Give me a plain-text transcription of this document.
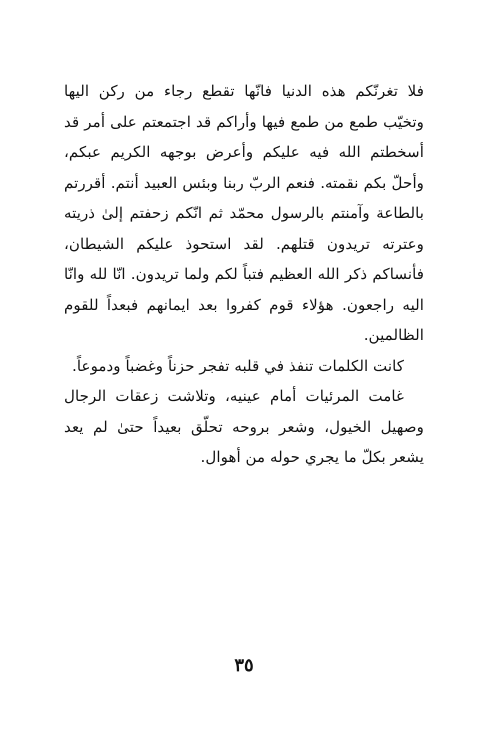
فلا تغرنّكم هذه الدنيا فانّها تقطع رجاء من ركن اليها وتخيّب طمع من طمع فيها وأراكم قد اجتمعتم على أمر قد أسخطتم الله فيه عليكم وأعرض بوجهه الكريم عبكم، وأحلّ بكم نقمته. فنعم الربّ ربنا وبئس العبيد أنتم. أقررتم بالطاعة وآمنتم بالرسول محمّد ثم انّكم زحفتم إلىٰ ذريته وعترته تريدون قتلهم. لقد استحوذ عليكم الشيطان، فأنساكم ذكر الله العظيم فتباً لكم ولما تريدون. انّا لله وانّا اليه راجعون. هؤلاء قوم كفروا بعد ايمانهم فبعداً للقوم الظالمين.

كانت الكلمات تنفذ في قلبه تفجر حزناً وغضباً ودموعاً.

غامت المرئيات أمام عينيه، وتلاشت زعقات الرجال وصهيل الخيول، وشعر بروحه تحلّق بعيداً حتىٰ لم يعد يشعر بكلّ ما يجري حوله من أهوال.

٣٥
